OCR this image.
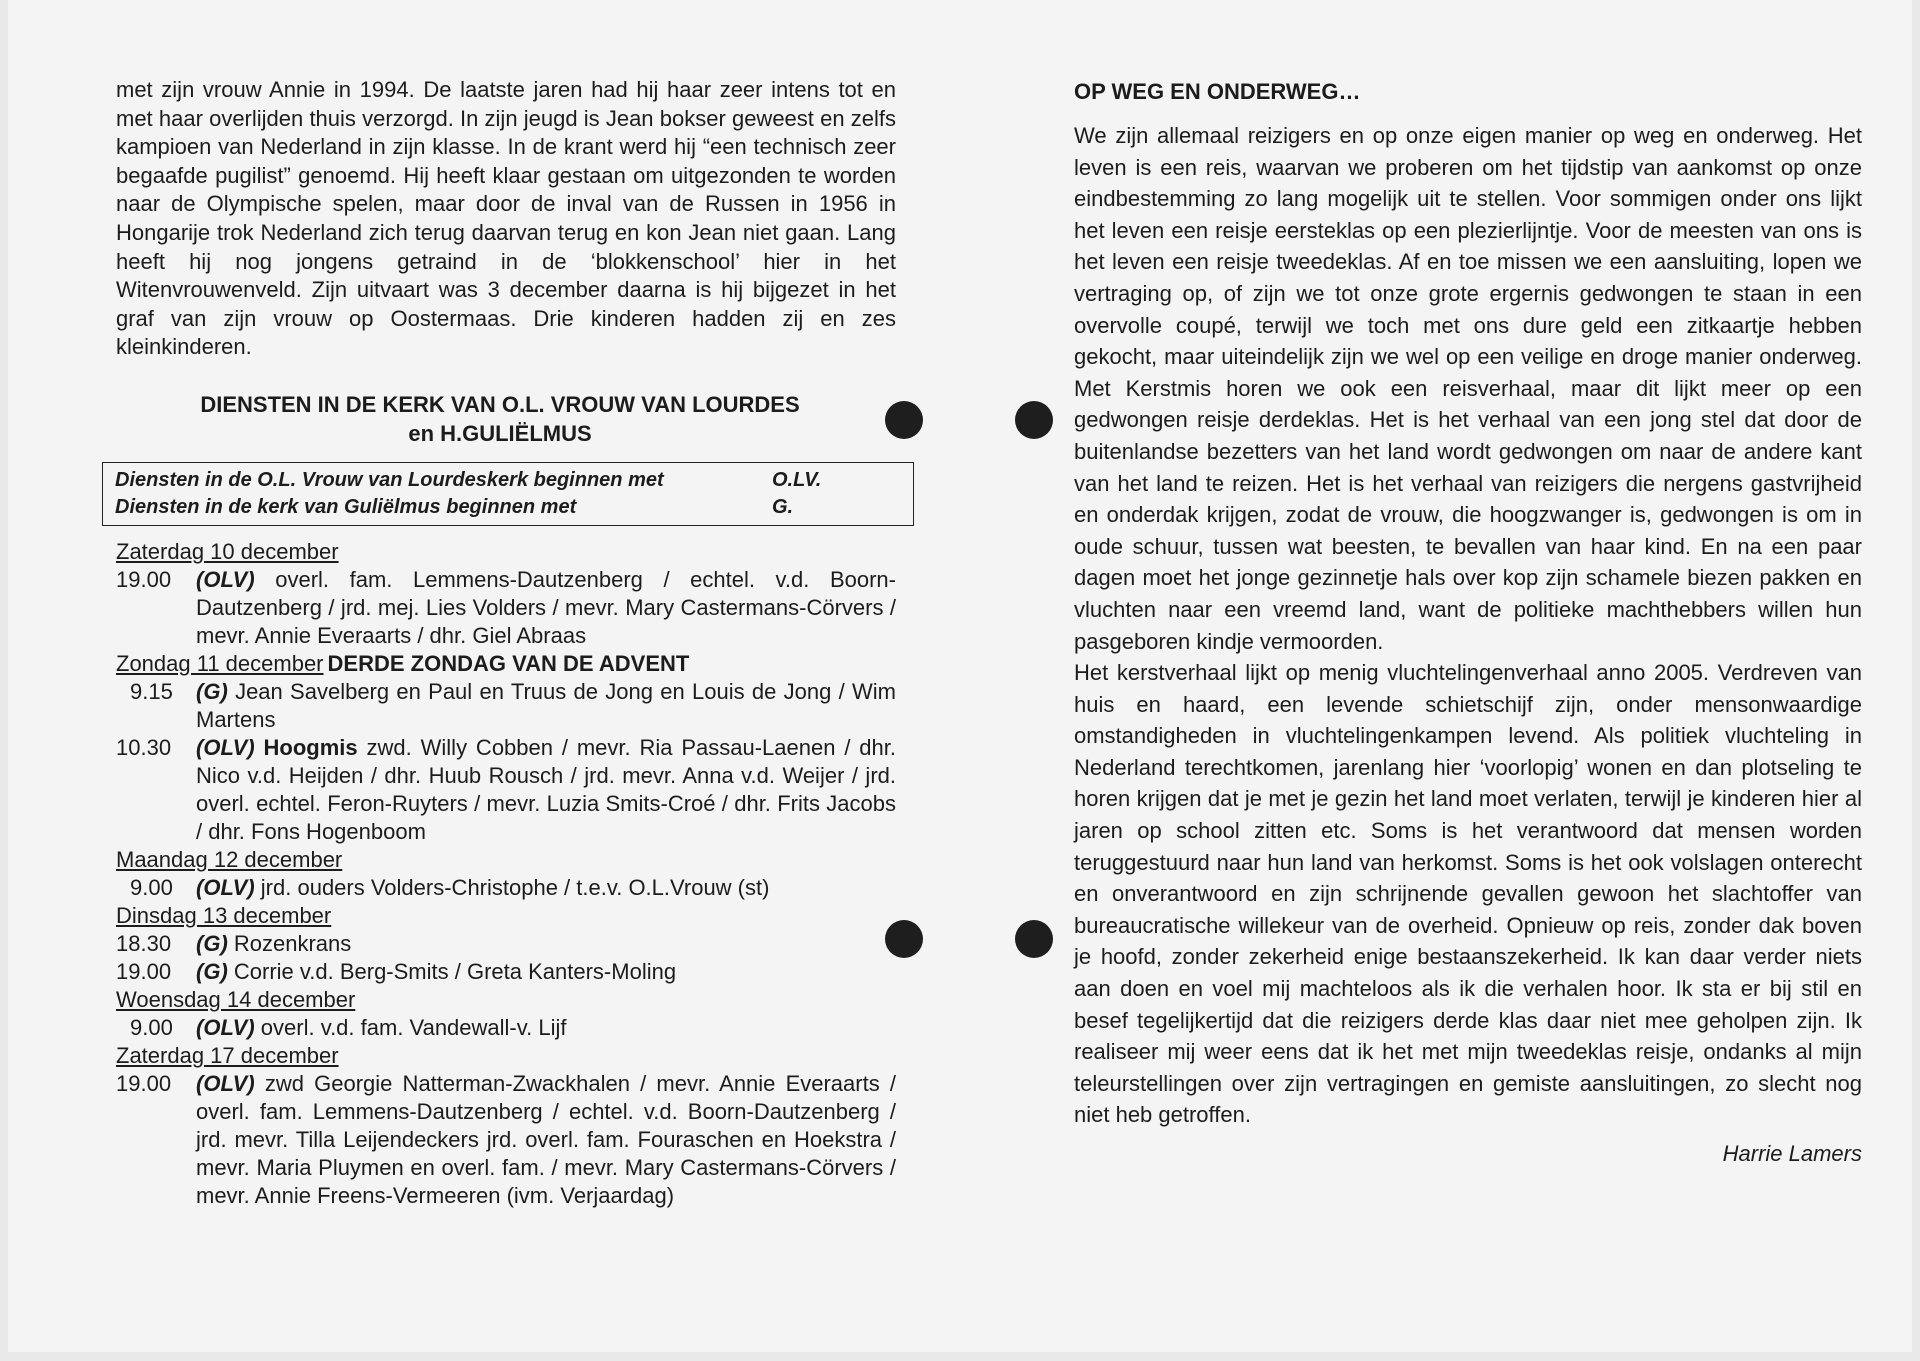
met zijn vrouw Annie in 1994. De laatste jaren had hij haar zeer intens tot en met haar overlijden thuis verzorgd. In zijn jeugd is Jean bokser geweest en zelfs kampioen van Nederland in zijn klasse. In de krant werd hij “een technisch zeer begaafde pugilist” genoemd. Hij heeft klaar gestaan om uitgezonden te worden naar de Olympische spelen, maar door de inval van de Russen in 1956 in Hongarije trok Nederland zich terug daarvan terug en kon Jean niet gaan. Lang heeft hij nog jongens getraind in de ‘blokkenschool’ hier in het Witenvrouwenveld. Zijn uitvaart was 3 december daarna is hij bijgezet in het graf van zijn vrouw op Oostermaas. Drie kinderen hadden zij en zes kleinkinderen.

DIENSTEN IN DE KERK VAN O.L. VROUW VAN LOURDES
en H.GULIËLMUS
Diensten in de O.L. Vrouw van Lourdeskerk beginnen met	O.LV.
Diensten in de kerk van Guliëlmus beginnen met	G.
Zaterdag 10 december
19.00	(OLV) overl. fam. Lemmens-Dautzenberg / echtel. v.d. Boorn-Dautzenberg / jrd. mej. Lies Volders / mevr. Mary Castermans-Cörvers / mevr. Annie Everaarts / dhr. Giel Abraas
Zondag 11 december DERDE ZONDAG VAN DE ADVENT
9.15	(G) Jean Savelberg en Paul en Truus de Jong en Louis de Jong / Wim Martens
10.30	(OLV) Hoogmis zwd. Willy Cobben / mevr. Ria Passau-Laenen / dhr. Nico v.d. Heijden / dhr. Huub Rousch / jrd. mevr. Anna v.d. Weijer / jrd. overl. echtel. Feron-Ruyters / mevr. Luzia Smits-Croé / dhr. Frits Jacobs / dhr. Fons Hogenboom
Maandag 12 december
9.00	(OLV) jrd. ouders Volders-Christophe / t.e.v. O.L.Vrouw (st)
Dinsdag 13 december
18.30	(G) Rozenkrans
19.00	(G) Corrie v.d. Berg-Smits / Greta Kanters-Moling
Woensdag 14 december
9.00	(OLV) overl. v.d. fam. Vandewall-v. Lijf
Zaterdag 17 december
19.00	(OLV) zwd Georgie Natterman-Zwackhalen / mevr. Annie Everaarts / overl. fam. Lemmens-Dautzenberg / echtel. v.d. Boorn-Dautzenberg / jrd. mevr. Tilla Leijendeckers jrd. overl. fam. Fouraschen en Hoekstra / mevr. Maria Pluymen en overl. fam. / mevr. Mary Castermans-Cörvers / mevr. Annie Freens-Vermeeren (ivm. Verjaardag)
OP WEG EN ONDERWEG…

We zijn allemaal reizigers en op onze eigen manier op weg en onderweg. Het leven is een reis, waarvan we proberen om het tijdstip van aankomst op onze eindbestemming zo lang mogelijk uit te stellen. Voor sommigen onder ons lijkt het leven een reisje eersteklas op een plezierlijntje. Voor de meesten van ons is het leven een reisje tweedeklas. Af en toe missen we een aansluiting, lopen we vertraging op, of zijn we tot onze grote ergernis gedwongen te staan in een overvolle coupé, terwijl we toch met ons dure geld een zitkaartje hebben gekocht, maar uiteindelijk zijn we wel op een veilige en droge manier onderweg. Met Kerstmis horen we ook een reisverhaal, maar dit lijkt meer op een gedwongen reisje derdeklas. Het is het verhaal van een jong stel dat door de buitenlandse bezetters van het land wordt gedwongen om naar de andere kant van het land te reizen. Het is het verhaal van reizigers die nergens gastvrijheid en onderdak krijgen, zodat de vrouw, die hoogzwanger is, gedwongen is om in oude schuur, tussen wat beesten, te bevallen van haar kind. En na een paar dagen moet het jonge gezinnetje hals over kop zijn schamele biezen pakken en vluchten naar een vreemd land, want de politieke machthebbers willen hun pasgeboren kindje vermoorden.

Het kerstverhaal lijkt op menig vluchtelingenverhaal anno 2005. Verdreven van huis en haard, een levende schietschijf zijn, onder mensonwaardige omstandigheden in vluchtelingenkampen levend. Als politiek vluchteling in Nederland terechtkomen, jarenlang hier ‘voorlopig’ wonen en dan plotseling te horen krijgen dat je met je gezin het land moet verlaten, terwijl je kinderen hier al jaren op school zitten etc. Soms is het verantwoord dat mensen worden teruggestuurd naar hun land van herkomst. Soms is het ook volslagen onterecht en onverantwoord en zijn schrijnende gevallen gewoon het slachtoffer van bureaucratische willekeur van de overheid. Opnieuw op reis, zonder dak boven je hoofd, zonder zekerheid enige bestaanszekerheid. Ik kan daar verder niets aan doen en voel mij machteloos als ik die verhalen hoor. Ik sta er bij stil en besef tegelijkertijd dat die reizigers derde klas daar niet mee geholpen zijn. Ik realiseer mij weer eens dat ik het met mijn tweedeklas reisje, ondanks al mijn teleurstellingen over zijn vertragingen en gemiste aansluitingen, zo slecht nog niet heb getroffen.

Harrie Lamers
